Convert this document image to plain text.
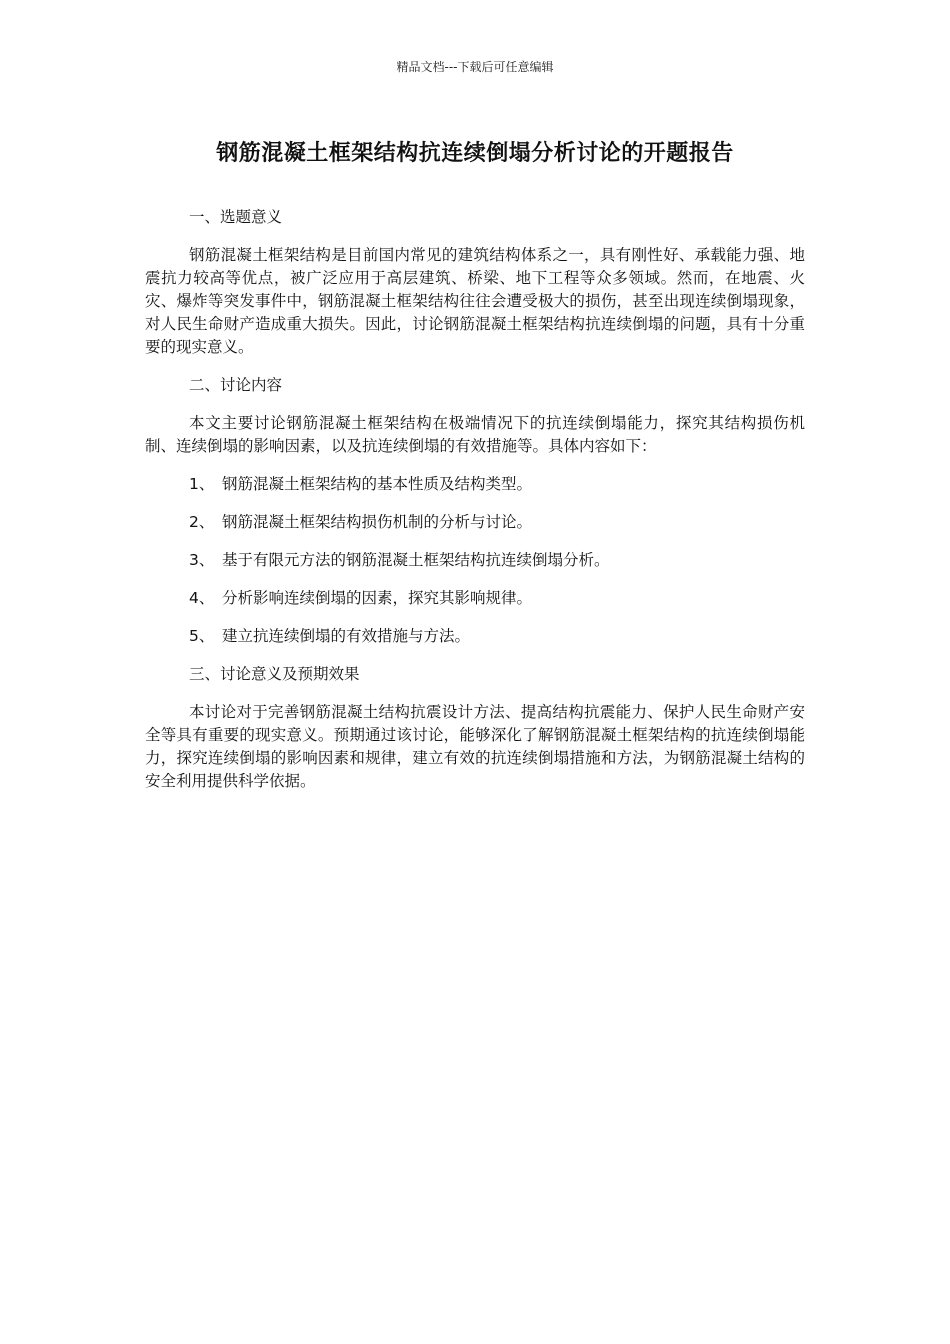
精品文档---下载后可任意编辑
钢筋混凝土框架结构抗连续倒塌分析讨论的开题报告
一、选题意义
钢筋混凝土框架结构是目前国内常见的建筑结构体系之一，具有刚性好、承载能力强、地震抗力较高等优点，被广泛应用于高层建筑、桥梁、地下工程等众多领域。然而，在地震、火灾、爆炸等突发事件中，钢筋混凝土框架结构往往会遭受极大的损伤，甚至出现连续倒塌现象，对人民生命财产造成重大损失。因此，讨论钢筋混凝土框架结构抗连续倒塌的问题，具有十分重要的现实意义。
二、讨论内容
本文主要讨论钢筋混凝土框架结构在极端情况下的抗连续倒塌能力，探究其结构损伤机制、连续倒塌的影响因素，以及抗连续倒塌的有效措施等。具体内容如下：
1、 钢筋混凝土框架结构的基本性质及结构类型。
2、 钢筋混凝土框架结构损伤机制的分析与讨论。
3、 基于有限元方法的钢筋混凝土框架结构抗连续倒塌分析。
4、 分析影响连续倒塌的因素，探究其影响规律。
5、 建立抗连续倒塌的有效措施与方法。
三、讨论意义及预期效果
本讨论对于完善钢筋混凝土结构抗震设计方法、提高结构抗震能力、保护人民生命财产安全等具有重要的现实意义。预期通过该讨论，能够深化了解钢筋混凝土框架结构的抗连续倒塌能力，探究连续倒塌的影响因素和规律，建立有效的抗连续倒塌措施和方法，为钢筋混凝土结构的安全利用提供科学依据。
